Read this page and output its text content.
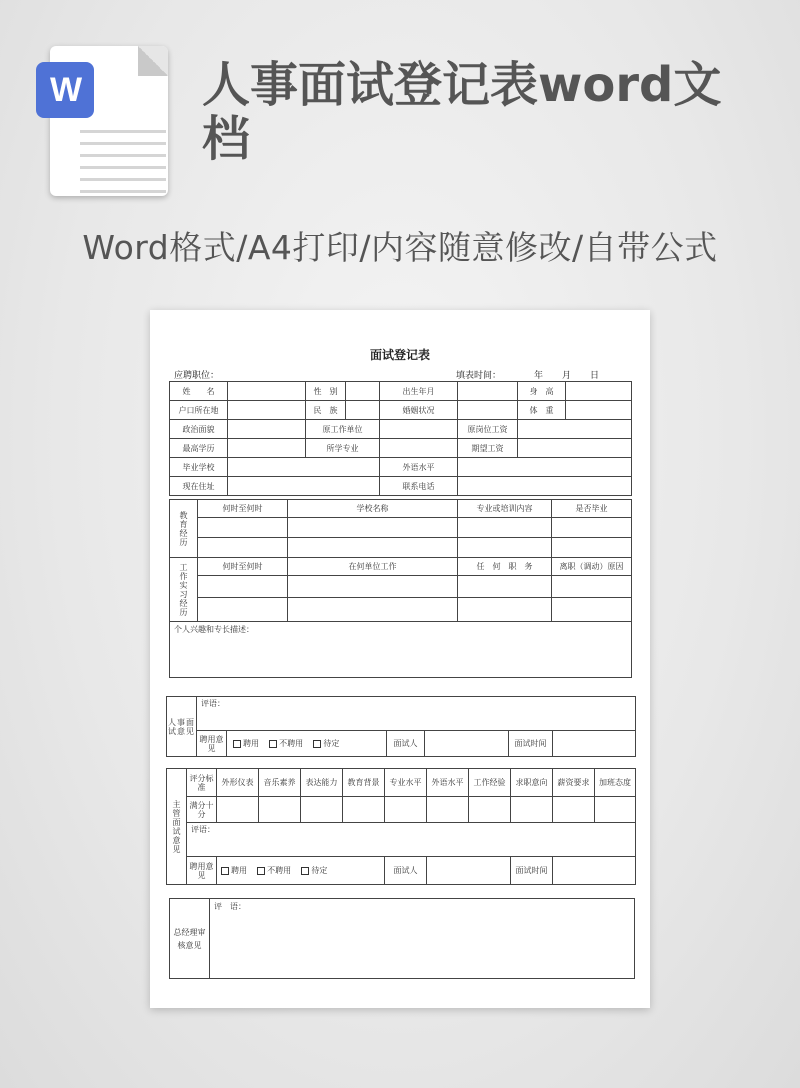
W	人事面试登记表word文档
Word格式/A4打印/内容随意修改/自带公式
面试登记表
应聘职位：	填表时间：	年 月 日
姓　　名		性　别		出生年月		身　高	
户口所在地		民　族		婚姻状况		体　重	
政治面貌		原工作单位			原岗位工资		
最高学历		所学专业			期望工资		
毕业学校				外语水平			
现在住址				联系电话			
教育经历	何时至何时	学校名称	专业或培训内容	是否毕业

工作实习经历	何时至何时	在何单位工作	任　何　职　务	离职（调动）原因

个人兴趣和专长描述：				
人事面试意见	评语：					
	聘用意见	聘用 不聘用 待定	面试人		面试时间	
主管面试意见	评分标准	外形仪表	音乐素养	表达能力	教育背景	专业水平	外语水平	工作经验	求职意向	薪资要求	加班态度
	满分十分										
	评语：										
	聘用意见	聘用 不聘用 待定				面试人			面试时间		
总经理审核意见	评　语：
